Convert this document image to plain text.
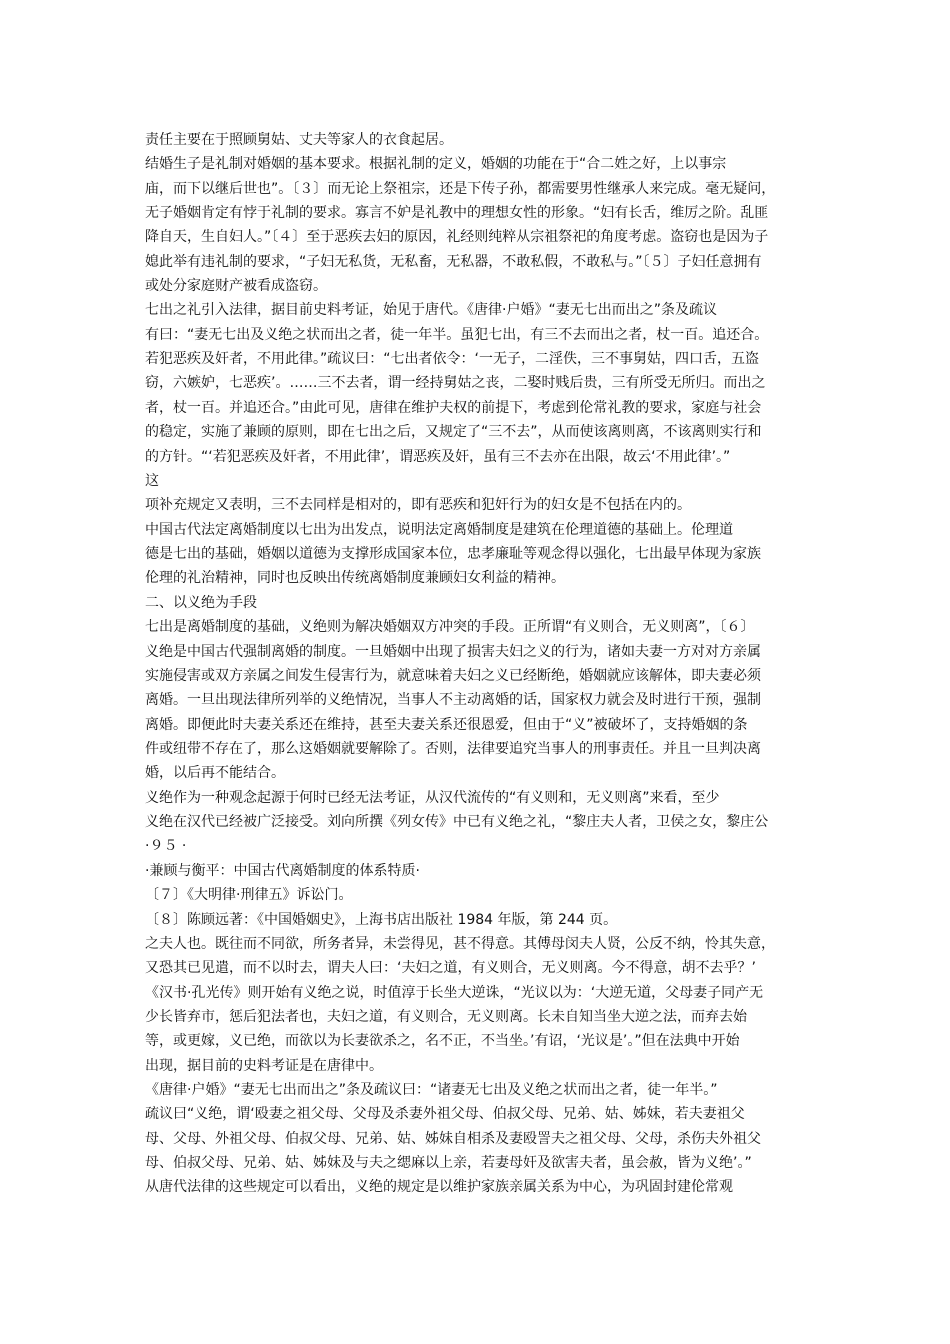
责任主要在于照顾舅姑、丈夫等家人的衣食起居。
结婚生子是礼制对婚姻的基本要求。根据礼制的定义，婚姻的功能在于“合二姓之好，上以事宗
庙，而下以继后世也”。〔３〕而无论上祭祖宗，还是下传子孙，都需要男性继承人来完成。毫无疑问，
无子婚姻肯定有悖于礼制的要求。寡言不妒是礼教中的理想女性的形象。“妇有长舌，维厉之阶。乱匪
降自天，生自妇人。”〔４〕至于恶疾去妇的原因，礼经则纯粹从宗祖祭祀的角度考虑。盗窃也是因为子
媳此举有违礼制的要求，“子妇无私货，无私畜，无私器，不敢私假，不敢私与。”〔５〕子妇任意拥有
或处分家庭财产被看成盗窃。
七出之礼引入法律，据目前史料考证，始见于唐代。《唐律·户婚》“妻无七出而出之”条及疏议
有曰：“妻无七出及义绝之状而出之者，徒一年半。虽犯七出，有三不去而出之者，杖一百。追还合。
若犯恶疾及奸者，不用此律。”疏议曰：“七出者依令：‘一无子，二淫佚，三不事舅姑，四口舌，五盗
窃，六嫉妒，七恶疾’。……三不去者，谓一经持舅姑之丧，二娶时贱后贵，三有所受无所归。而出之
者，杖一百。并追还合。”由此可见，唐律在维护夫权的前提下，考虑到伦常礼教的要求，家庭与社会
的稳定，实施了兼顾的原则，即在七出之后，又规定了“三不去”，从而使该离则离，不该离则实行和
的方针。“‘若犯恶疾及奸者，不用此律’，谓恶疾及奸，虽有三不去亦在出限，故云‘不用此律’。”
这
项补充规定又表明，三不去同样是相对的，即有恶疾和犯奸行为的妇女是不包括在内的。
中国古代法定离婚制度以七出为出发点，说明法定离婚制度是建筑在伦理道德的基础上。伦理道
德是七出的基础，婚姻以道德为支撑形成国家本位，忠孝廉耻等观念得以强化，七出最早体现为家族
伦理的礼治精神，同时也反映出传统离婚制度兼顾妇女利益的精神。
二、以义绝为手段
七出是离婚制度的基础，义绝则为解决婚姻双方冲突的手段。正所谓“有义则合，无义则离”，〔６〕
义绝是中国古代强制离婚的制度。一旦婚姻中出现了损害夫妇之义的行为，诸如夫妻一方对对方亲属
实施侵害或双方亲属之间发生侵害行为，就意味着夫妇之义已经断绝，婚姻就应该解体，即夫妻必须
离婚。一旦出现法律所列举的义绝情况，当事人不主动离婚的话，国家权力就会及时进行干预，强制
离婚。即便此时夫妻关系还在维持，甚至夫妻关系还很恩爱，但由于“义”被破坏了，支持婚姻的条
件或纽带不存在了，那么这婚姻就要解除了。否则，法律要追究当事人的刑事责任。并且一旦判决离
婚，以后再不能结合。
义绝作为一种观念起源于何时已经无法考证，从汉代流传的“有义则和，无义则离”来看，至少
义绝在汉代已经被广泛接受。刘向所撰《列女传》中已有义绝之礼，“黎庄夫人者，卫侯之女，黎庄公
·９５ ·
·兼顾与衡平：中国古代离婚制度的体系特质·
〔７〕《大明律·刑律五》诉讼门。
〔８〕陈顾远著：《中国婚姻史》，上海书店出版社 1984 年版，第 244 页。
之夫人也。既往而不同欲，所务者异，未尝得见，甚不得意。其傅母闵夫人贤，公反不纳，怜其失意，
又恐其已见遣，而不以时去，谓夫人曰：‘夫妇之道，有义则合，无义则离。今不得意，胡不去乎？’
《汉书·孔光传》则开始有义绝之说，时值淳于长坐大逆诛，“光议以为：‘大逆无道，父母妻子同产无
少长皆弃市，惩后犯法者也，夫妇之道，有义则合，无义则离。长未自知当坐大逆之法，而弃去始
等，或更嫁，义已绝，而欲以为长妻欲杀之，名不正，不当坐。’有诏，‘光议是’。”但在法典中开始
出现，据目前的史料考证是在唐律中。
《唐律·户婚》“妻无七出而出之”条及疏议曰：“诸妻无七出及义绝之状而出之者，徒一年半。”
疏议曰“义绝，谓‘殴妻之祖父母、父母及杀妻外祖父母、伯叔父母、兄弟、姑、姊妹，若夫妻祖父
母、父母、外祖父母、伯叔父母、兄弟、姑、姊妹自相杀及妻殴詈夫之祖父母、父母，杀伤夫外祖父
母、伯叔父母、兄弟、姑、姊妹及与夫之缌麻以上亲，若妻母奸及欲害夫者，虽会赦，皆为义绝’。”
从唐代法律的这些规定可以看出，义绝的规定是以维护家族亲属关系为中心，为巩固封建伦常观
